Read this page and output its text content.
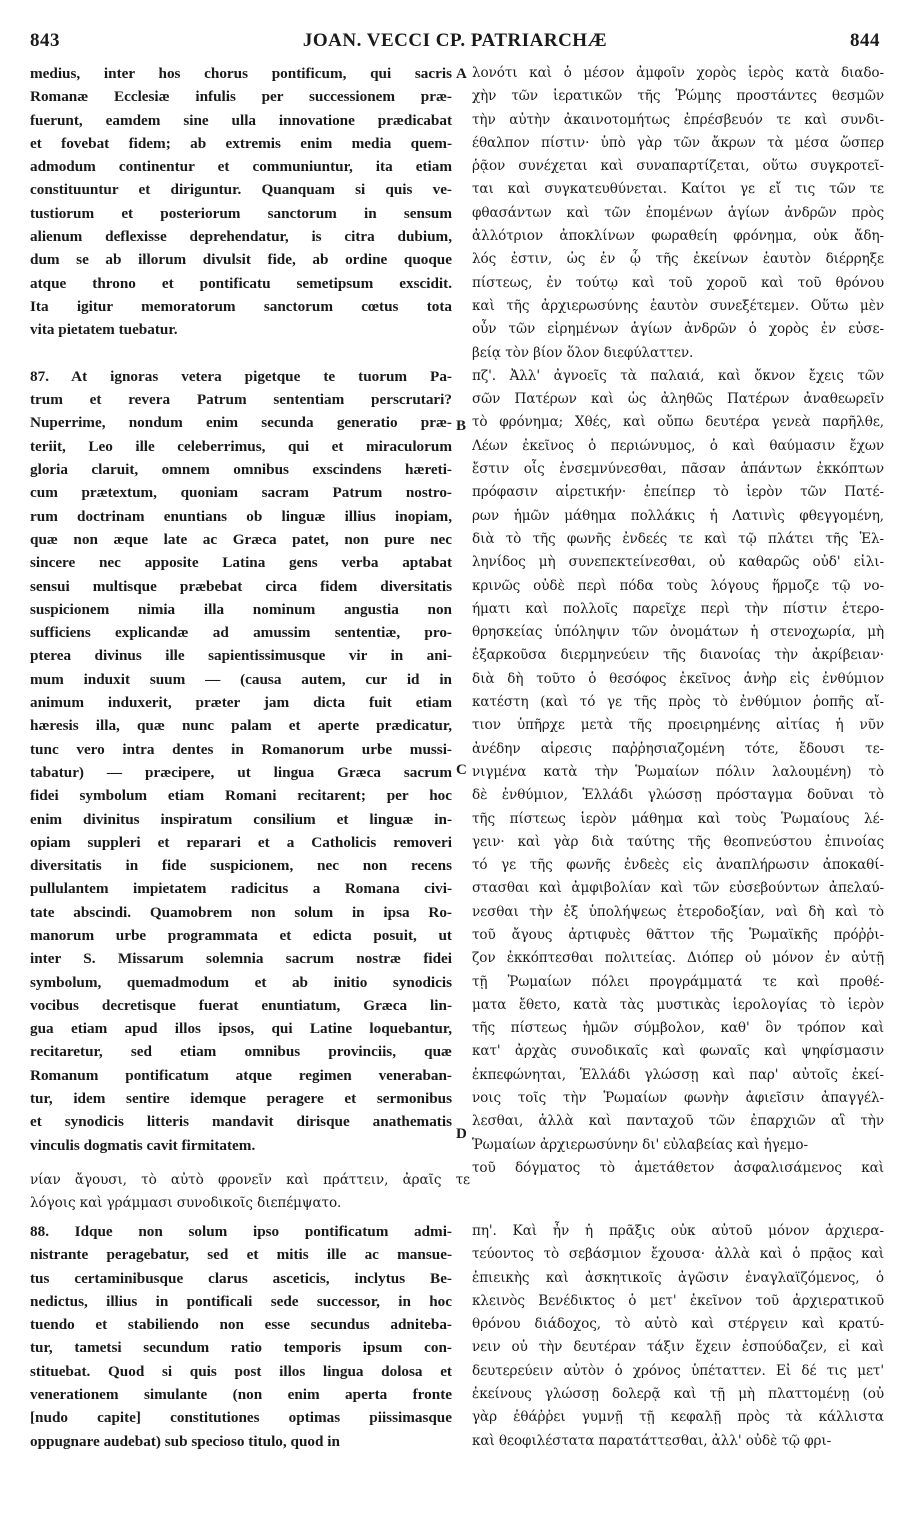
843	JOAN. VECCI CP. PATRIARCHÆ	844
A
B
C
D
medius, inter hos chorus pontificum, qui sacris
Romanæ Ecclesiæ infulis per successionem præ-
fuerunt, eamdem sine ulla innovatione prædicabat
et fovebat fidem; ab extremis enim media quem-
admodum continentur et communiuntur, ita etiam
constituuntur et diriguntur. Quanquam si quis ve-
tustiorum et posteriorum sanctorum in sensum
alienum deflexisse deprehendatur, is citra dubium,
dum se ab illorum divulsit fide, ab ordine quoque
atque throno et pontificatu semetipsum exscidit.
Ita igitur memoratorum sanctorum cœtus tota
vita pietatem tuebatur.
87. At ignoras vetera pigetque te tuorum Pa-
trum et revera Patrum sententiam perscrutari?
Nuperrime, nondum enim secunda generatio præ-
teriit, Leo ille celeberrimus, qui et miraculorum
gloria claruit, omnem omnibus exscindens hæreti-
cum prætextum, quoniam sacram Patrum nostro-
rum doctrinam enuntians ob linguæ illius inopiam,
quæ non æque late ac Græca patet, non pure nec
sincere nec apposite Latina gens verba aptabat
sensui multisque præbebat circa fidem diversitatis
suspicionem nimia illa nominum angustia non
sufficiens explicandæ ad amussim sententiæ, pro-
pterea divinus ille sapientissimusque vir in ani-
mum induxit suum — (causa autem, cur id in
animum induxerit, præter jam dicta fuit etiam
hæresis illa, quæ nunc palam et aperte prædicatur,
tunc vero intra dentes in Romanorum urbe mussi-
tabatur) — præcipere, ut lingua Græca sacrum
fidei symbolum etiam Romani recitarent; per hoc
enim divinitus inspiratum consilium et linguæ in-
opiam suppleri et reparari et a Catholicis removeri
diversitatis in fide suspicionem, nec non recens
pullulantem impietatem radicitus a Romana civi-
tate abscindi. Quamobrem non solum in ipsa Ro-
manorum urbe programmata et edicta posuit, ut
inter S. Missarum solemnia sacrum nostræ fidei
symbolum, quemadmodum et ab initio synodicis
vocibus decretisque fuerat enuntiatum, Græca lin-
gua etiam apud illos ipsos, qui Latine loquebantur,
recitaretur, sed etiam omnibus provinciis, quæ
Romanum pontificatum atque regimen veneraban-
tur, idem sentire idemque peragere et sermonibus
et synodicis litteris mandavit dirisque anathematis
vinculis dogmatis cavit firmitatem.
88. Idque non solum ipso pontificatum admi-
nistrante peragebatur, sed et mitis ille ac mansue-
tus certaminibusque clarus asceticis, inclytus Be-
nedictus, illius in pontificali sede successor, in hoc
tuendo et stabiliendo non esse secundus adniteba-
tur, tametsi secundum ratio temporis ipsum con-
stituebat. Quod si quis post illos lingua dolosa et
venerationem simulante (non enim aperta fronte
[nudo capite] constitutiones optimas piissimasque
oppugnare audebat) sub specioso titulo, quod in
λονότι καὶ ὁ μέσον ἀμφοῖν χορὸς ἱερὸς κατὰ διαδο-
χὴν τῶν ἱερατικῶν τῆς Ῥώμης προστάντες θεσμῶν
τὴν αὐτὴν ἀκαινοτομήτως ἐπρέσβευόν τε καὶ συνδι-
έθαλπον πίστιν· ὑπὸ γὰρ τῶν ἄκρων τὰ μέσα ὥσπερ
ῥᾷον συνέχεται καὶ συναπαρτίζεται, οὕτω συγκροτεῖ-
ται καὶ συγκατευθύνεται. Καίτοι γε εἴ τις τῶν τε
φθασάντων καὶ τῶν ἐπομένων ἁγίων ἀνδρῶν πρὸς
ἀλλότριον ἀποκλίνων φωραθείη φρόνημα, οὐκ ἄδη-
λός ἐστιν, ὡς ἐν ᾧ τῆς ἐκείνων ἑαυτὸν διέρρηξε
πίστεως, ἐν τούτῳ καὶ τοῦ χοροῦ καὶ τοῦ θρόνου
καὶ τῆς ἀρχιερωσύνης ἑαυτὸν συνεξέτεμεν. Οὕτω μὲν
οὖν τῶν εἰρημένων ἁγίων ἀνδρῶν ὁ χορὸς ἐν εὐσε-
βείᾳ τὸν βίον ὅλον διεφύλαττεν.
πζ'. Ἀλλ' ἀγνοεῖς τὰ παλαιά, καὶ ὄκνον ἔχεις τῶν
σῶν Πατέρων καὶ ὡς ἀληθῶς Πατέρων ἀναθεωρεῖν
τὸ φρόνημα; Χθές, καὶ οὔπω δευτέρα γενεὰ παρῆλθε,
Λέων ἐκεῖνος ὁ περιώνυμος, ὁ καὶ θαύμασιν ἔχων
ἔστιν οἷς ἐνσεμνύνεσθαι, πᾶσαν ἁπάντων ἐκκόπτων
πρόφασιν αἱρετικήν· ἐπείπερ τὸ ἱερὸν τῶν Πατέ-
ρων ἡμῶν μάθημα πολλάκις ἡ Λατινὶς φθεγγομένη,
διὰ τὸ τῆς φωνῆς ἐνδεές τε καὶ τῷ πλάτει τῆς Ἑλ-
ληνίδος μὴ συνεπεκτείνεσθαι, οὐ καθαρῶς οὐδ' εἰλι-
κρινῶς οὐδὲ περὶ πόδα τοὺς λόγους ἥρμοζε τῷ νο-
ήματι καὶ πολλοῖς παρεῖχε περὶ τὴν πίστιν ἑτερο-
θρησκείας ὑπόληψιν τῶν ὀνομάτων ἡ στενοχωρία, μὴ
ἐξαρκοῦσα διερμηνεύειν τῆς διανοίας τὴν ἀκρίβειαν·
διὰ δὴ τοῦτο ὁ θεσόφος ἐκεῖνος ἀνὴρ εἰς ἐνθύμιον
κατέστη (καὶ τό γε τῆς πρὸς τὸ ἐνθύμιον ῥοπῆς αἴ-
τιον ὑπῆρχε μετὰ τῆς προειρημένης αἰτίας ἡ νῦν
ἀνέδην αἱρεσις παῤῥησιαζομένη τότε, ἔδουσι τε-
νιγμένα κατὰ τὴν Ῥωμαίων πόλιν λαλουμένη) τὸ
δὲ ἐνθύμιον, Ἑλλάδι γλώσσῃ πρόσταγμα δοῦναι τὸ
τῆς πίστεως ἱερὸν μάθημα καὶ τοὺς Ῥωμαίους λέ-
γειν· καὶ γὰρ διὰ ταύτης τῆς θεοπνεύστου ἐπινοίας
τό γε τῆς φωνῆς ἐνδεὲς εἰς ἀναπλήρωσιν ἀποκαθί-
στασθαι καὶ ἀμφιβολίαν καὶ τῶν εὐσεβούντων ἀπελαύ-
νεσθαι τὴν ἐξ ὑπολήψεως ἑτεροδοξίαν, ναὶ δὴ καὶ τὸ
τοῦ ἄγους ἀρτιφυὲς θᾶττον τῆς Ῥωμαϊκῆς πρόῤῥι-
ζον ἐκκόπτεσθαι πολιτείας. Διόπερ οὐ μόνον ἐν αὐτῇ
τῇ Ῥωμαίων πόλει προγράμματά τε καὶ προθέ-
ματα ἔθετο, κατὰ τὰς μυστικὰς ἱερολογίας τὸ ἱερὸν
τῆς πίστεως ἡμῶν σύμβολον, καθ' ὃν τρόπον καὶ
κατ' ἀρχὰς συνοδικαῖς καὶ φωναῖς καὶ ψηφίσμασιν
ἐκπεφώνηται, Ἑλλάδι γλώσσῃ καὶ παρ' αὐτοῖς ἐκεί-
νοις τοῖς τὴν Ῥωμαίων φωνὴν ἀφιεῖσιν ἀπαγγέλ-
λεσθαι, ἀλλὰ καὶ πανταχοῦ τῶν ἐπαρχιῶν αἳ τὴν
Ῥωμαίων ἀρχιερωσύνην δι' εὐλαβείας καὶ ἡγεμο-
τοῦ δόγματος τὸ ἀμετάθετον ἀσφαλισάμενος καὶ
λόγοις καὶ γράμμασι συνοδικοῖς διεπέμψατο.
νίαν ἄγουσι, τὸ αὐτὸ φρονεῖν καὶ πράττειν, ἀραῖς τε
πη'. Καὶ ἦν ἡ πρᾶξις οὐκ αὐτοῦ μόνον ἀρχιερα-
τεύοντος τὸ σεβάσμιον ἔχουσα· ἀλλὰ καὶ ὁ πρᾷος καὶ
ἐπιεικὴς καὶ ἀσκητικοῖς ἀγῶσιν ἐναγλαϊζόμενος, ὁ
κλεινὸς Βενέδικτος ὁ μετ' ἐκεῖνον τοῦ ἀρχιερατικοῦ
θρόνου διάδοχος, τὸ αὐτὸ καὶ στέργειν καὶ κρατύ-
νειν οὐ τὴν δευτέραν τάξιν ἔχειν ἐσπούδαζεν, εἰ καὶ
δευτερεύειν αὐτὸν ὁ χρόνος ὑπέταττεν. Εἰ δέ τις μετ'
ἐκείνους γλώσσῃ δολερᾷ καὶ τῇ μὴ πλαττομένῃ (οὐ
γὰρ ἐθάῤῥει γυμνῇ τῇ κεφαλῇ πρὸς τὰ κάλλιστα
καὶ θεοφιλέστατα παρατάττεσθαι, ἀλλ' οὐδὲ τῷ φρι-
